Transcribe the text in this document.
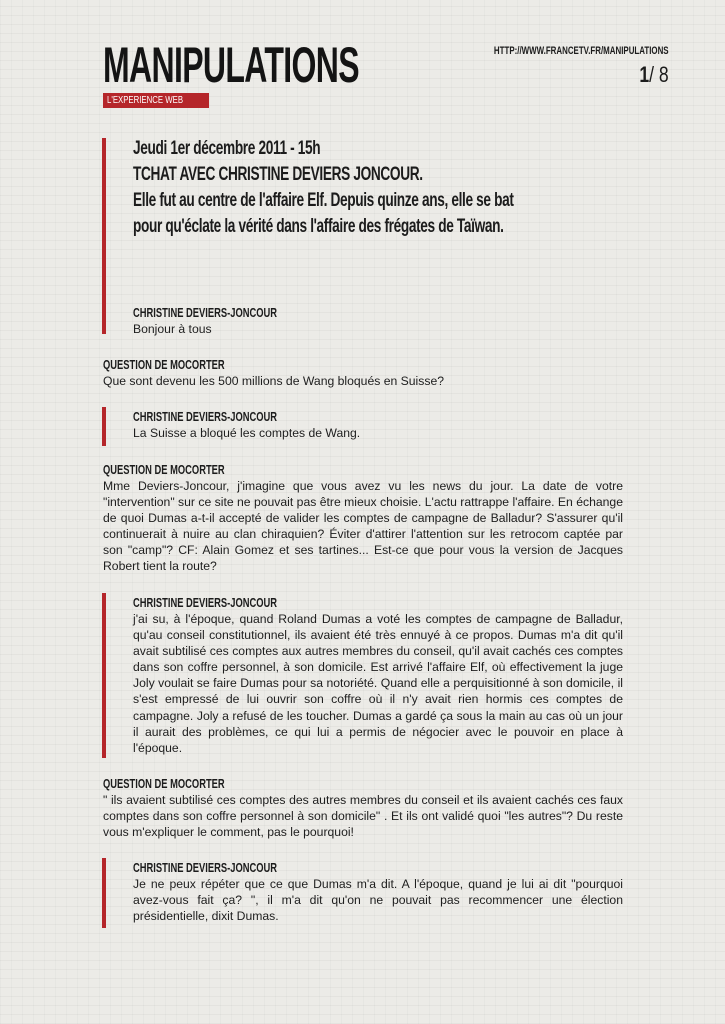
MANIPULATIONS
L'EXPERIENCE WEB
HTTP://WWW.FRANCETV.FR/MANIPULATIONS
1/ 8
Jeudi 1er décembre 2011 - 15h
TCHAT AVEC CHRISTINE DEVIERS JONCOUR.
Elle fut au centre de l'affaire Elf. Depuis quinze ans, elle se bat
pour qu'éclate la vérité dans l'affaire des frégates de Taïwan.
CHRISTINE DEVIERS-JONCOUR
Bonjour à tous
QUESTION DE MOCORTER
Que sont devenu les 500 millions de Wang bloqués en Suisse?
CHRISTINE DEVIERS-JONCOUR
La Suisse a bloqué les comptes de Wang.
QUESTION DE MOCORTER
Mme Deviers-Joncour, j'imagine que vous avez vu les news du jour. La date de votre "intervention" sur ce site ne pouvait pas être mieux choisie. L'actu rattrappe l'affaire. En échange de quoi Dumas a-t-il accepté de valider les comptes de campagne de Balladur? S'assurer qu'il continuerait à nuire au clan chiraquien? Éviter d'attirer l'attention sur les retrocom captée par son "camp"? CF: Alain Gomez et ses tartines... Est-ce que pour vous la version de Jacques Robert tient la route?
CHRISTINE DEVIERS-JONCOUR
j'ai su, à l'époque, quand Roland Dumas a voté les comptes de campagne de Balladur, qu'au conseil constitutionnel, ils avaient été très ennuyé à ce propos. Dumas m'a dit qu'il avait subtilisé ces comptes aux autres membres du conseil, qu'il avait cachés ces comptes dans son coffre personnel, à son domicile. Est arrivé l'affaire Elf, où effectivement la juge Joly voulait se faire Dumas pour sa notoriété. Quand elle a perquisitionné à son domicile, il s'est empressé de lui ouvrir son coffre où il n'y avait rien hormis ces comptes de campagne. Joly a refusé de les toucher. Dumas a gardé ça sous la main au cas où un jour il aurait des problèmes, ce qui lui a permis de négocier avec le pouvoir en place à l'époque.
QUESTION DE MOCORTER
" ils avaient subtilisé ces comptes des autres membres du conseil et ils avaient cachés ces faux comptes dans son coffre personnel à son domicile" . Et ils ont validé quoi "les autres"? Du reste vous m'expliquer le comment, pas le pourquoi!
CHRISTINE DEVIERS-JONCOUR
Je ne peux répéter que ce que Dumas m'a dit. A l'époque, quand je lui ai dit "pourquoi avez-vous fait ça? ", il m'a dit qu'on ne pouvait pas recommencer une élection présidentielle, dixit Dumas.
